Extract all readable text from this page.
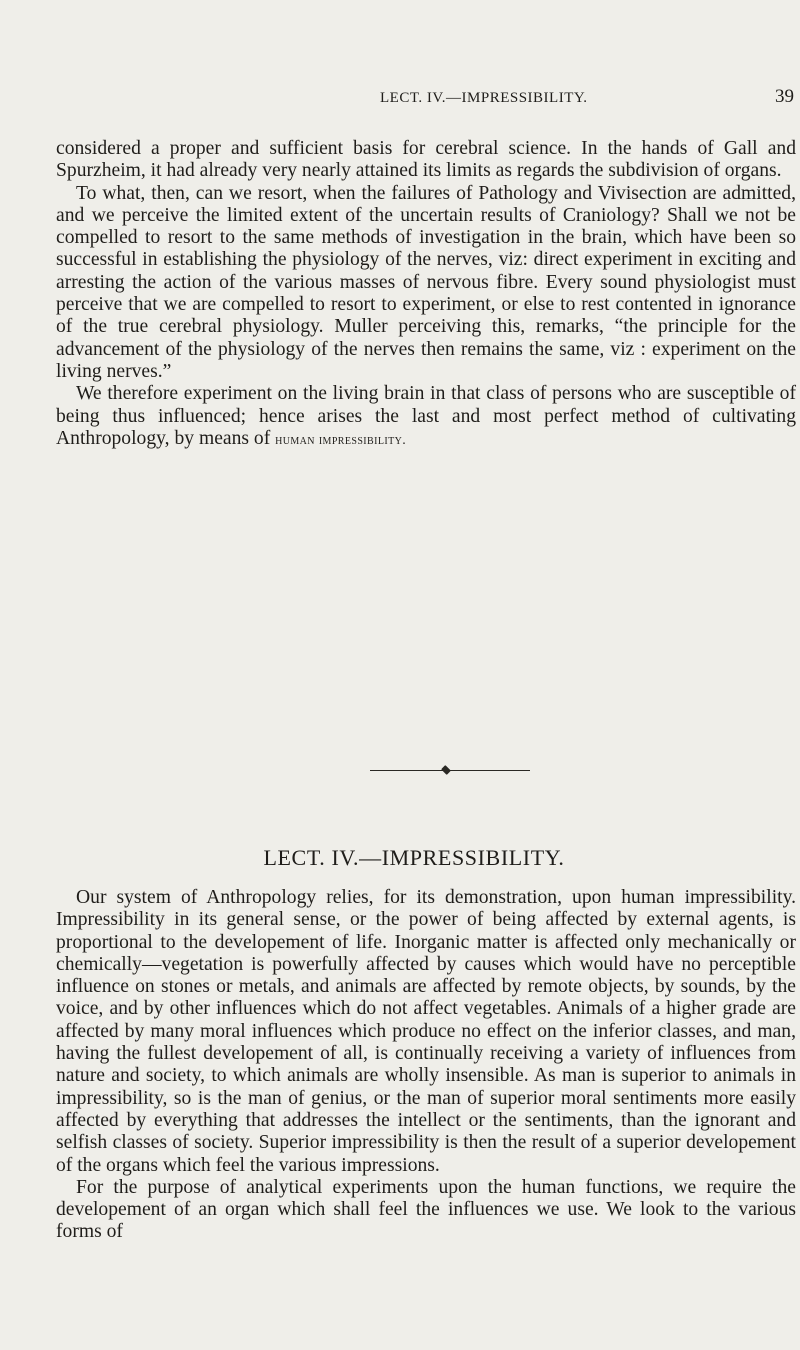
LECT. IV.—IMPRESSIBILITY.	39

considered a proper and sufficient basis for cerebral science. In the hands of Gall and Spurzheim, it had already very nearly attained its limits as regards the subdivision of organs.

To what, then, can we resort, when the failures of Pathology and Vivisection are admitted, and we perceive the limited extent of the uncertain results of Craniology? Shall we not be compelled to resort to the same methods of investigation in the brain, which have been so successful in establishing the physiology of the nerves, viz: direct experiment in exciting and arresting the action of the various masses of nervous fibre. Every sound physiologist must perceive that we are compelled to resort to experiment, or else to rest contented in ignorance of the true cerebral physiology. Muller perceiving this, remarks, “the principle for the advancement of the physiology of the nerves then remains the same, viz : experiment on the living nerves.”

We therefore experiment on the living brain in that class of persons who are susceptible of being thus influenced; hence arises the last and most perfect method of cultivating Anthropology, by means of human impressibility.

LECT. IV.—IMPRESSIBILITY.

Our system of Anthropology relies, for its demonstration, upon human impressibility. Impressibility in its general sense, or the power of being affected by external agents, is proportional to the developement of life. Inorganic matter is affected only mechanically or chemically—vegetation is powerfully affected by causes which would have no perceptible influence on stones or metals, and animals are affected by remote objects, by sounds, by the voice, and by other influences which do not affect vegetables. Animals of a higher grade are affected by many moral influences which produce no effect on the inferior classes, and man, having the fullest developement of all, is continually receiving a variety of influences from nature and society, to which animals are wholly insensible. As man is superior to animals in impressibility, so is the man of genius, or the man of superior moral sentiments more easily affected by everything that addresses the intellect or the sentiments, than the ignorant and selfish classes of society. Superior impressibility is then the result of a superior developement of the organs which feel the various impressions.

For the purpose of analytical experiments upon the human functions, we require the developement of an organ which shall feel the influences we use. We look to the various forms of
